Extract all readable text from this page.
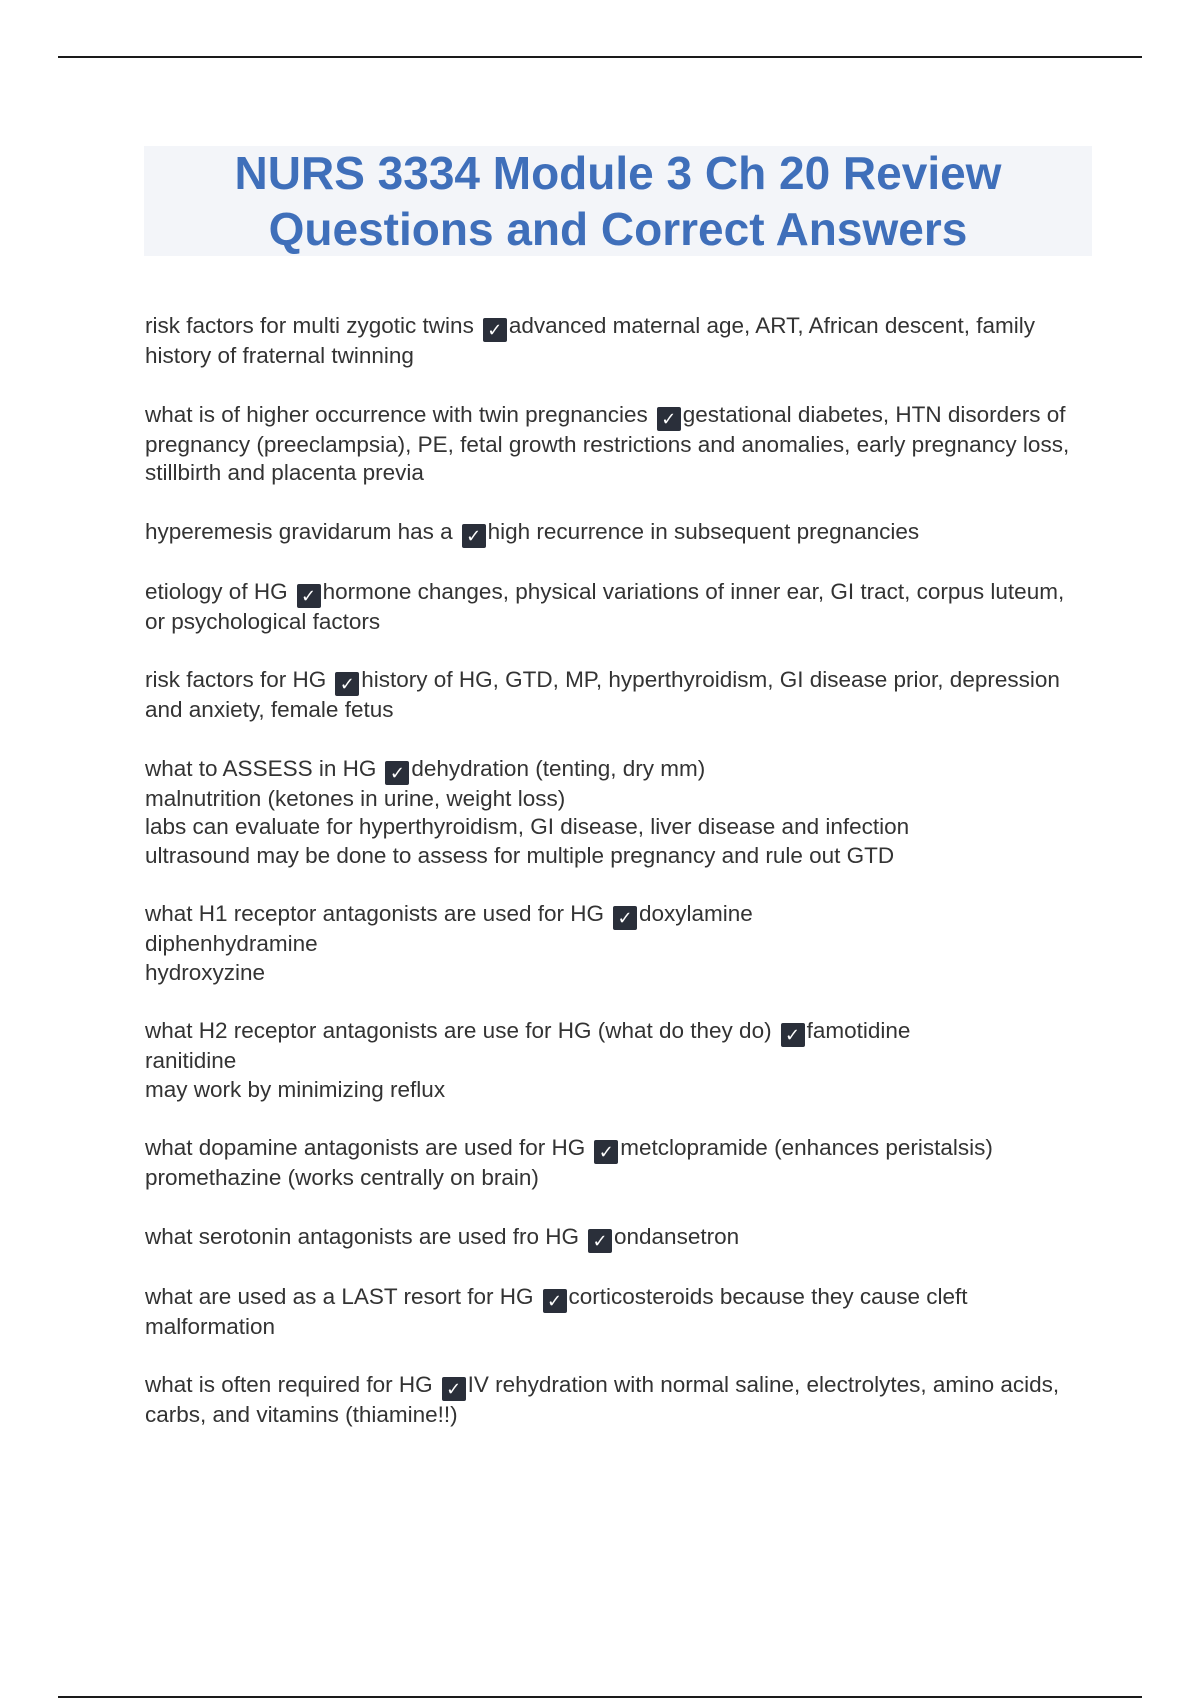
NURS 3334 Module 3 Ch 20 Review
Questions and Correct Answers

risk factors for multi zygotic twins ✓ advanced maternal age, ART, African descent, family history of fraternal twinning

what is of higher occurrence with twin pregnancies ✓ gestational diabetes, HTN disorders of pregnancy (preeclampsia), PE, fetal growth restrictions and anomalies, early pregnancy loss, stillbirth and placenta previa

hyperemesis gravidarum has a ✓ high recurrence in subsequent pregnancies

etiology of HG ✓ hormone changes, physical variations of inner ear, GI tract, corpus luteum, or psychological factors

risk factors for HG ✓ history of HG, GTD, MP, hyperthyroidism, GI disease prior, depression and anxiety, female fetus

what to ASSESS in HG ✓ dehydration (tenting, dry mm)
malnutrition (ketones in urine, weight loss)
labs can evaluate for hyperthyroidism, GI disease, liver disease and infection
ultrasound may be done to assess for multiple pregnancy and rule out GTD

what H1 receptor antagonists are used for HG ✓ doxylamine
diphenhydramine
hydroxyzine

what H2 receptor antagonists are use for HG (what do they do) ✓ famotidine
ranitidine
may work by minimizing reflux

what dopamine antagonists are used for HG ✓ metclopramide (enhances peristalsis)
promethazine (works centrally on brain)

what serotonin antagonists are used fro HG ✓ ondansetron

what are used as a LAST resort for HG ✓ corticosteroids because they cause cleft malformation

what is often required for HG ✓ IV rehydration with normal saline, electrolytes, amino acids, carbs, and vitamins (thiamine!!)
